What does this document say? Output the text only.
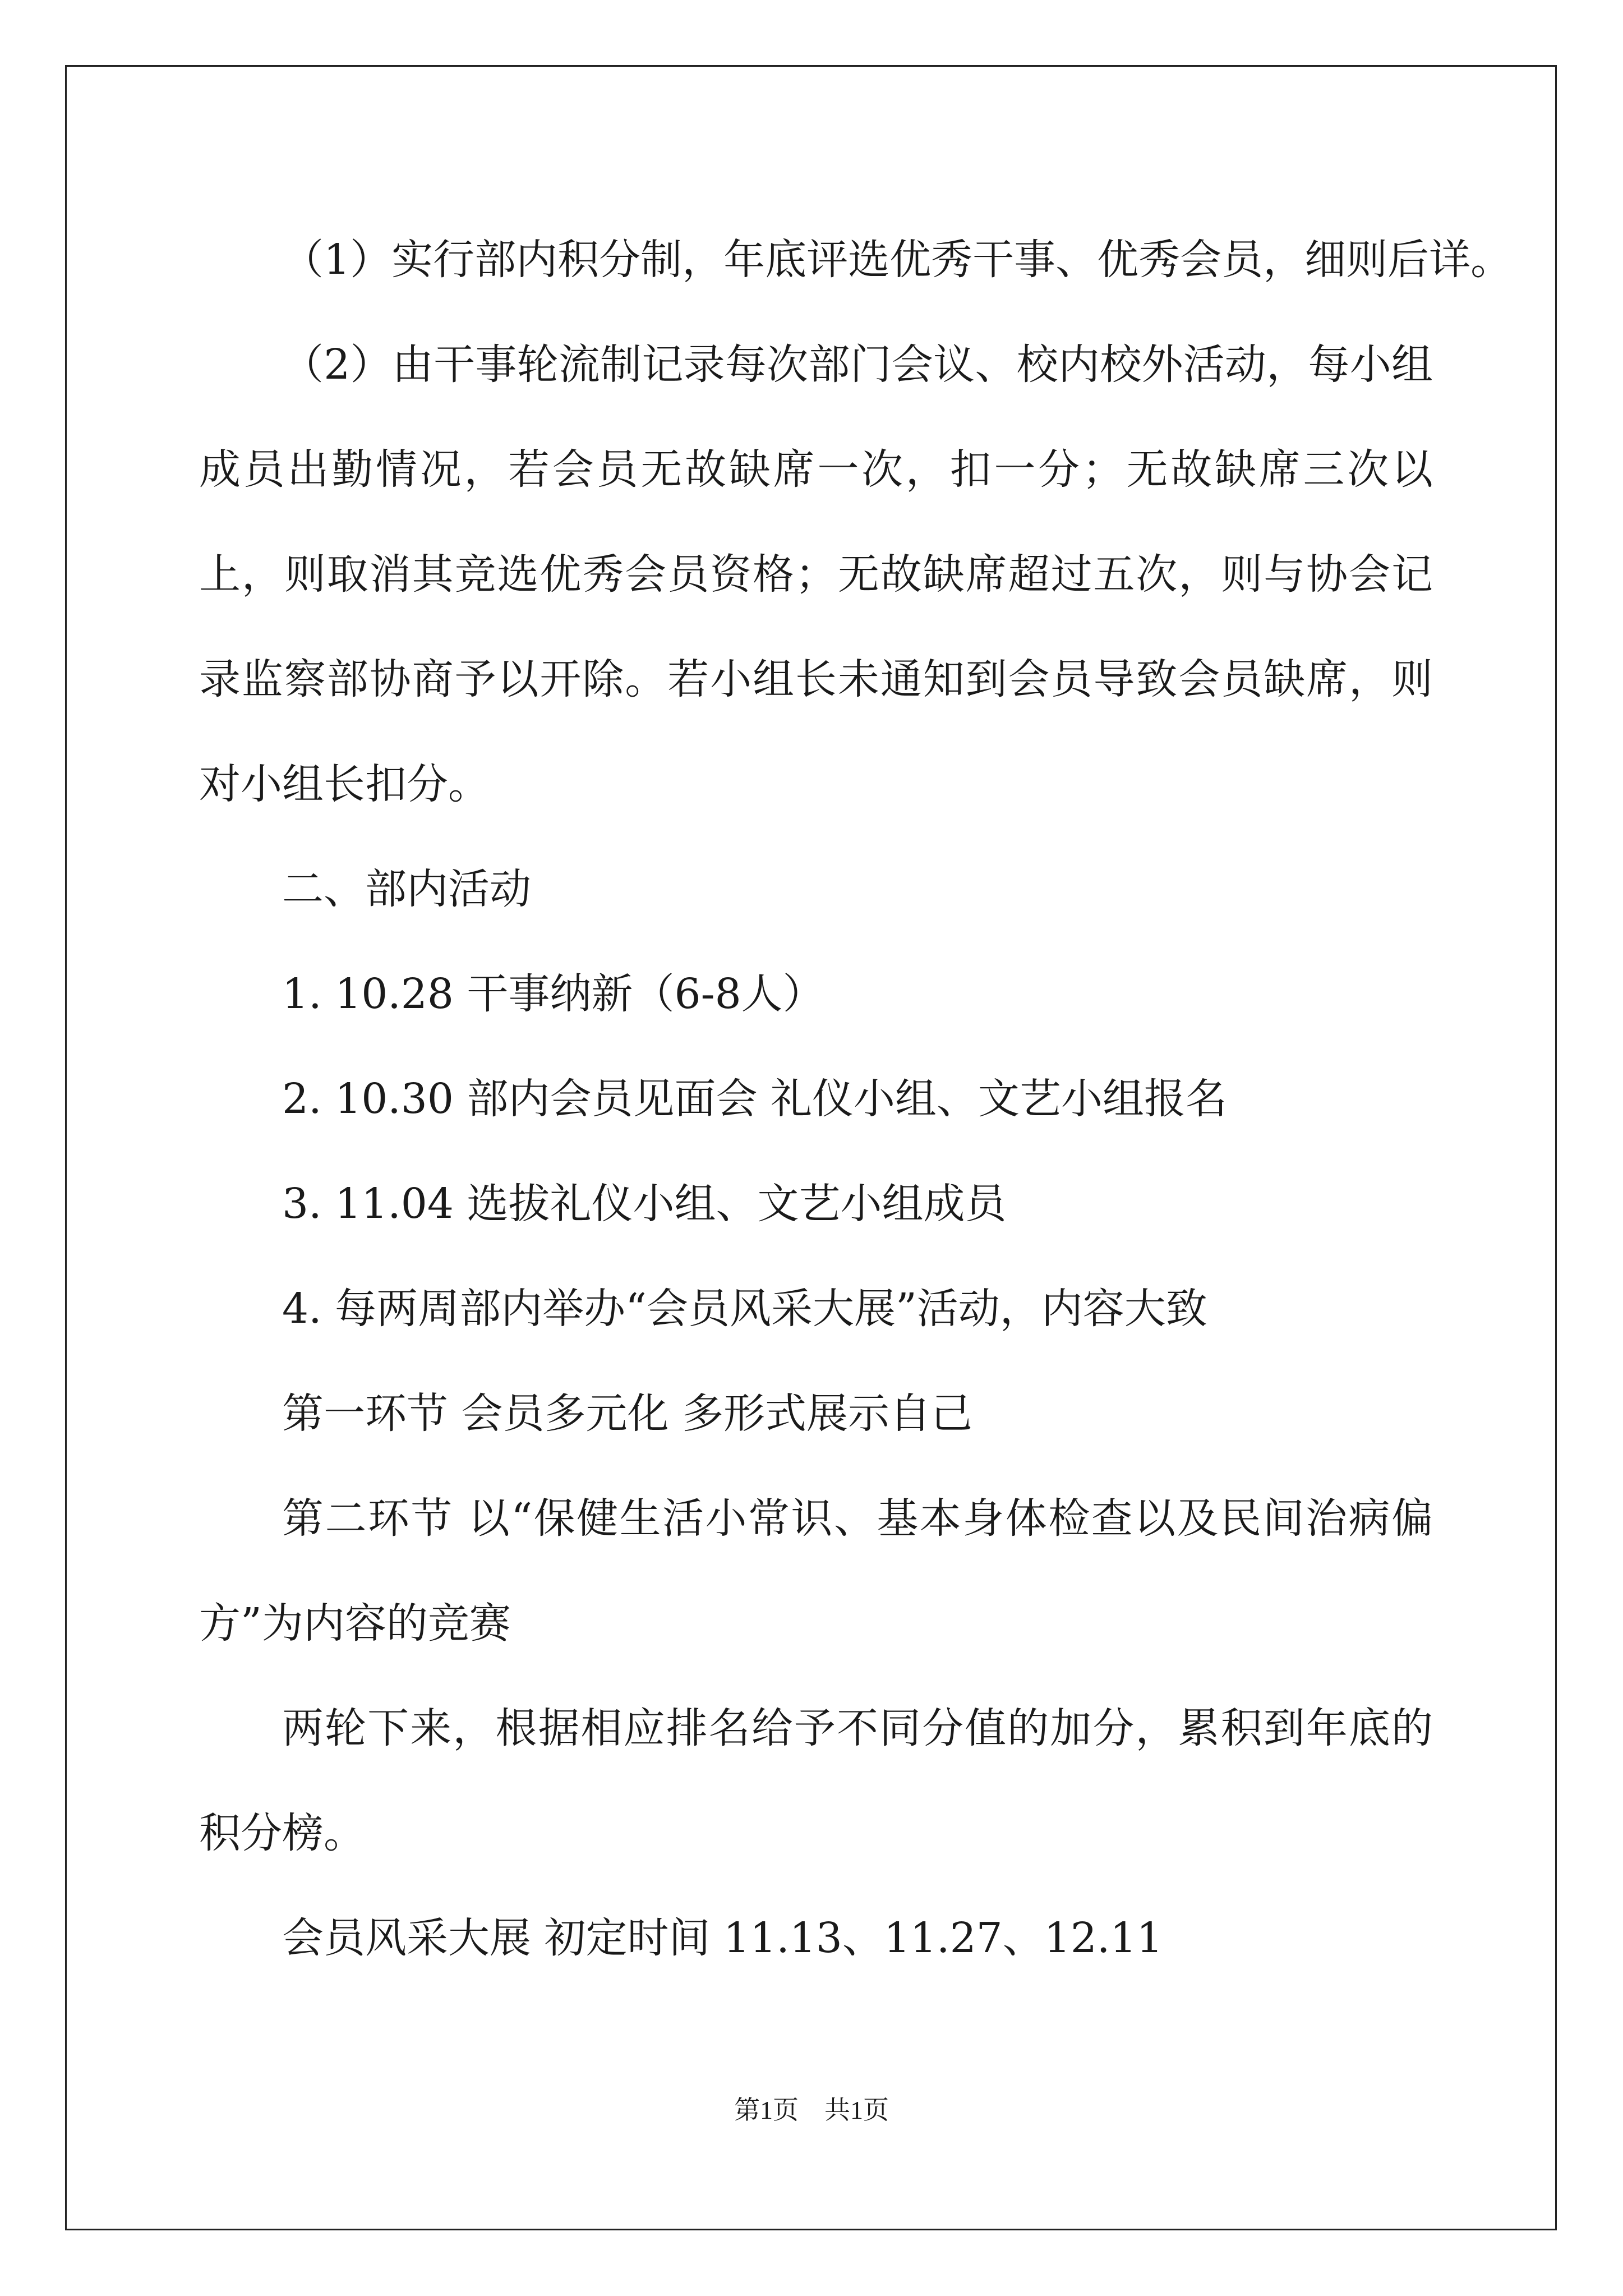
（1）实行部内积分制，年底评选优秀干事、优秀会员，细则后详。

（2）由干事轮流制记录每次部门会议、校内校外活动，每小组成员出勤情况，若会员无故缺席一次，扣一分；无故缺席三次以上，则取消其竞选优秀会员资格；无故缺席超过五次，则与协会记录监察部协商予以开除。若小组长未通知到会员导致会员缺席，则对小组长扣分。

二、部内活动

1. 10.28 干事纳新（6-8人）

2. 10.30 部内会员见面会 礼仪小组、文艺小组报名

3. 11.04 选拔礼仪小组、文艺小组成员

4. 每两周部内举办“会员风采大展”活动，内容大致

第一环节 会员多元化 多形式展示自己

第二环节 以“保健生活小常识、基本身体检查以及民间治病偏方”为内容的竞赛

两轮下来，根据相应排名给予不同分值的加分，累积到年底的积分榜。

会员风采大展 初定时间 11.13、11.27、12.11

第1页　共1页
